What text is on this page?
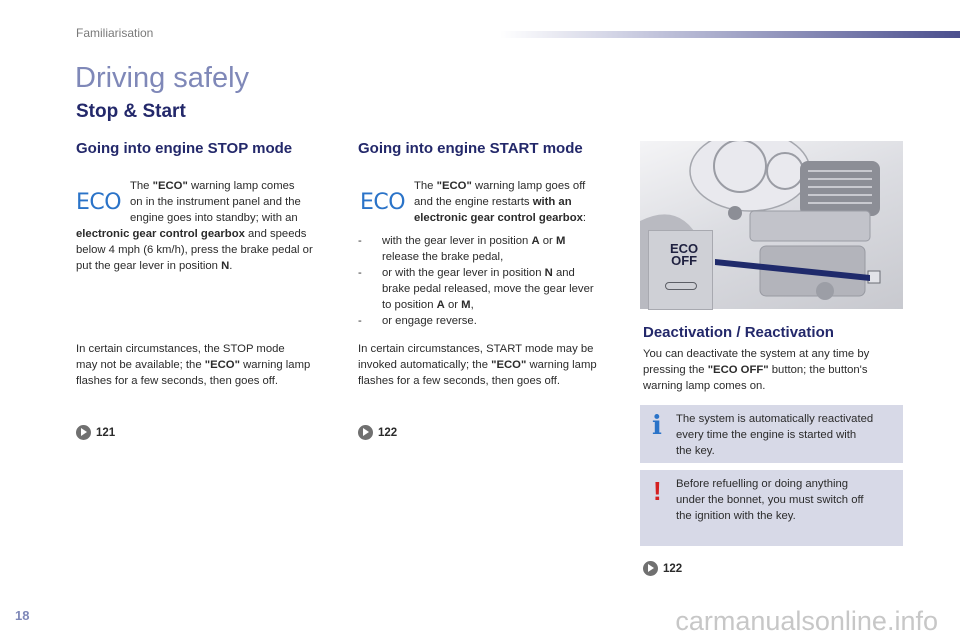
Familiarisation
Driving safely
Stop & Start
Going into engine STOP mode
ECO
The "ECO" warning lamp comes
on in the instrument panel and the
engine goes into standby; with an
electronic gear control gearbox and speeds
below 4 mph (6 km/h), press the brake pedal or
put the gear lever in position N.
In certain circumstances, the STOP mode
may not be available; the "ECO" warning lamp
flashes for a few seconds, then goes off.
121
Going into engine START mode
ECO
The "ECO" warning lamp goes off
and the engine restarts with an
electronic gear control gearbox:
- with the gear lever in position A or M
release the brake pedal,
- or with the gear lever in position N and
brake pedal released, move the gear lever
to position A or M,
- or engage reverse.
In certain circumstances, START mode may be
invoked automatically; the "ECO" warning lamp
flashes for a few seconds, then goes off.
122
ECO
OFF
Deactivation / Reactivation
You can deactivate the system at any time by
pressing the "ECO OFF" button; the button's
warning lamp comes on.
i The system is automatically reactivated
every time the engine is started with
the key.
! Before refuelling or doing anything
under the bonnet, you must switch off
the ignition with the key.
122
18	carmanualsonline.info
